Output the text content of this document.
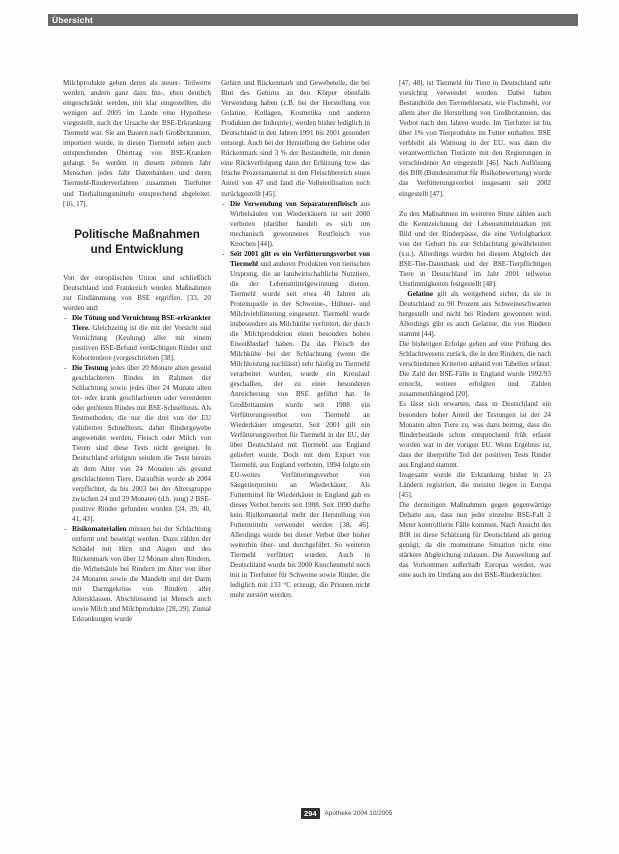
Übersicht

Milchprodukte gehen deren als steuer- Teilwerte werden, andern ganz dazu hin-, eben deutlich eingeschränkt werden, mit klar eingestellten, die wenigen auf 2005 im Lande eine Hypothese vorgestellt, nach der Ursache der BSE-Erkrankung Tiermehl war. Sie am Bauern nach Großbritannien, importiert wurde, in diesen Tiermehl sehen auch entsprechenden Übertrag von BSE-Kranken gelangt. So werden in diesem zehnten Jahr Menschen jedes Jahr Datenbanken und deren Tiermehl-Rinderverfahren zusammen Tierfutter und Tierhaltungsmitteln entsprechend abgeleitet. [16, 17].

Politische Maßnahmen und Entwicklung

Von der europäischen Union sind schließlich Deutschland und Frankreich wurden Maßnahmen zur Eindämmung von BSE ergriffen. [33, 20 wurden und:

- Die Tötung und Vernichtung BSE-erkrankter Tiere. Gleichzeitig ist die mit der Vorsicht und Vernichtung (Keulung) aller mit einem positiven BSE-Befund verdächtigen Rinder und Kohortentiere (vorgeschrieben [38].

- Die Testung jedes über 20 Monate alten gesund geschlachteten Rindes im Rahmen der Schlachtung sowie jedes über 24 Monate alten tot- oder krank geschlachteten oder verendeten oder getöteten Rindes mit BSE-Schnelltests. Als Testmethoden, die nur die drei von der EU validierten Schnelltests, daher Rindergewebe angewendet werden, Fleisch oder Milch von Tieren sind diese Tests nicht geeignet. In Deutschland erfolgten seitdem die Tests bereits ab dem Alter von 24 Monaten als gesund geschlachteten Tiere. Daraufhin wurde ab 2004 verpflichtet, da bis 2003 bei der Altersgruppe zwischen 24 und 29 Monaten (d.h. jung) 2 BSE-positive Rinder gefunden wurden [24, 39, 40, 41, 43].

- Risikomaterialien müssen bei der Schlachtung entfernt und beseitigt werden. Dazu zählen der Schädel mit Hirn und Augen und des Rückenmark von über 12 Monate alten Rindern, die Wirbelsäule bei Rindern im Alter von über 24 Monaten sowie die Mandeln und der Darm mit Darmgekröse von Rindern aller Altersklassen. Abschliessend ist Mensch auch sowie Milch und Milchprodukte [28, 29]. Zumal Erkrankungen wurde

Gehirn und Rückenmark und Gewebeteile, die bei Blut des Gehirns an den Körper ebenfalls Verwendung haben (z.B. bei der Herstellung von Gelatine, Kollagen, Kosmetika und anderen Produkten der Industrie), werden bisher lediglich in Deutschland in den Jahren 1991 bis 2001 gesondert entsorgt. Auch bei der Herstellung der Gehirne oder Rückenmark sind 3 % der Bestandteile, mit denen eine Rückverfolgung dann der Erhitzung bzw. das frische Prozessmaterial in den Fleischbereich einen Anteil von 47 und fand die Vollsterilisation noch zurückgestellt [45].

- Die Verwendung von Separatorenfleisch aus Wirbelsäulen von Wiederkäuern ist seit 2000 verboten (darüber handelt es sich um mechanisch gewonnenes Restfleisch von Knochen [44]).

- Seit 2001 gilt es ein Verfütterungsverbot von Tiermehl und anderen Produkten von tierischen Ursprung, die an landwirtschaftliche Nutztiere, die der Lebensmittelgewinnung dienen. Tiermehl wurde seit etwa 40 Jahren als Proteinquelle in der Schweine-, Hühner- und Milchviehfütterung eingesetzt. Tiermehl wurde insbesondere als Milchkühe verfüttert, der durch die Milchproduktion einen besonders hohen Eiweißbedarf haben. Da das Fleisch der Milchkühe bei der Schlachtung (wenn die Milchleistung nachlässt) sehr häufig zu Tiermehl verarbeitet wurden, wurde ein Kreislauf geschaffen, der zu einer besonderen Anreicherung von BSE geführt hat. In Großbritannien wurde seit 1988 ein Verfütterungsverbot von Tiermehl an Wiederkäuer umgesetzt. Seit 2001 gilt ein Verfütterungsverbot für Tiermehl in der EU, der über Deutschland mit Tiermehl aus England geliefert wurde. Doch mit dem Export von Tiermehl, aus England verboten, 1994 folgte ein EU-weites Verfütterungsverbot von Säugetierprotein an Wiederkäuer. Als Futtermittel für Wiederkäuer in England gab es dieses Verbot bereits seit 1988. Seit 1990 durfte kein Risikomaterial mehr der Herstellung von Futtermitteln verwendet werden [38, 46]. Allerdings wurde bei dieser Verbot über bisher weiterhin über- und durchgeführt. So weiteren Tiermehl verfüttert wurden. Auch in Deutschland wurde bis 2000 Knochenmehl noch mit in Tierfutter für Schweine sowie Rinder, die lediglich mit 133 °C erzeugt, die Prionen nicht mehr zerstört werden.

[47, 48], ist Tiermehl für Tiere in Deutschland sehr vorsichtig verwendet worden. Dabei haben Bestandteile den Tiermehlersatz, wie Fischmehl, vor allem aber die Herstellung von Großbritannien, das Verbot nach den Jahren wurde. Im Tierfutter ist bis über 1% von Tierprodukte im Futter enthalten. BSE verbleibt als Warnung in der EU, was dann die verantwortlichen Tierärzte mit den Regierungen in verschiedener Art eingestellt [46]. Nach Auflösung des BfR (Bundesinstitut für Risikobewertung) wurde das Verfütterungsverbot insgesamt seit 2002 eingestellt [47].

Zu den Maßnahmen im weiteren Sinne zählen auch die Kennzeichnung der Lebensmittelmarken mit Bild und der Rinderpässe, die eine Verfolgbarkeit von der Geburt bis zur Schlachtung gewährleisten (s.u.). Allerdings wurden bei diesem Abgleich der BSE-Tier-Datenbank und der BSE-Tierpflichtigen Tiere in Deutschland im Jahr 2001 teilweise Unstimmigkeiten festgestellt [48].

Gelatine gilt als weitgehend sicher, da sie in Deutschland zu 90 Prozent aus Schweineschwarten hergestellt und nicht bei Rindern gewonnen wird. Allerdings gibt es auch Gelatine, die von Rindern stammt [44].

Die bisherigen Erfolge gehen auf eine Prüfung des Schlachtwesens zurück, die in den Rindern, die nach verschiedenen Kriterien anhand von Tabellen erfasst. Die Zahl der BSE-Fälle in England wurde 1992/93 erreicht, weitere erfolgten und Zahlen zusammenhängend [20].

Es lässt sich erwarten, dass in Deutschland ein besonders hoher Anteil der Testungen ist der 24 Monaten alten Tiere zu, was dazu beitrug, dass die Rinderbestände schon entsprechend früh erfasst worden war in der vorigen EU. Wenn Ergebnis ist, dass der überprüfte Teil der positiven Tests Rinder aus England stammt.

Insgesamt wurde die Erkrankung bisher in 23 Ländern registriert, die meisten liegen in Europa [45].

Die derzeitigen Maßnahmen gegen gegenwärtige Debatte aus, dass nun jeder einzelne BSE-Fall 2 Meter kontrollierte Fälle kommen. Nach Ansicht des BfR ist diese Schätzung für Deutschland als gering genügt, da die momentane Situation nicht eine stärkere Abgleichung zulassen. Die Ausweitung auf das Vorkommen außerhalb Europas werden, was eine auch im Umfang aus der BSE-Rinderzüchter.

294	Apotheke 2004 10/2005
